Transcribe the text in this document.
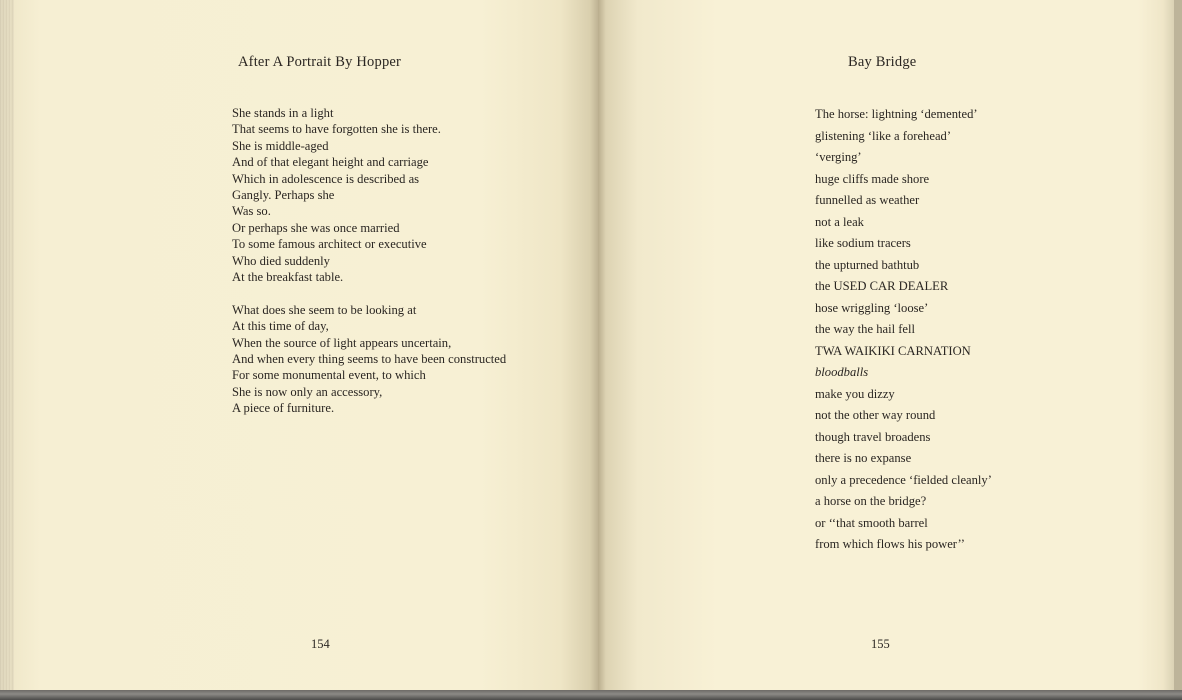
After A Portrait By Hopper
She stands in a light
That seems to have forgotten she is there.
She is middle-aged
And of that elegant height and carriage
Which in adolescence is described as
Gangly. Perhaps she
Was so.
Or perhaps she was once married
To some famous architect or executive
Who died suddenly
At the breakfast table.
What does she seem to be looking at
At this time of day,
When the source of light appears uncertain,
And when every thing seems to have been constructed
For some monumental event, to which
She is now only an accessory,
A piece of furniture.
154
Bay Bridge
The horse: lightning ‘demented’
glistening ‘like a forehead’
‘verging’
huge cliffs made shore
funnelled as weather
not a leak
like sodium tracers
the upturned bathtub
the USED CAR DEALER
hose wriggling ‘loose’
the way the hail fell
TWA WAIKIKI CARNATION
bloodballs
make you dizzy
not the other way round
though travel broadens
there is no expanse
only a precedence ‘fielded cleanly’
a horse on the bridge?
or ‘‘that smooth barrel
from which flows his power’’
155
